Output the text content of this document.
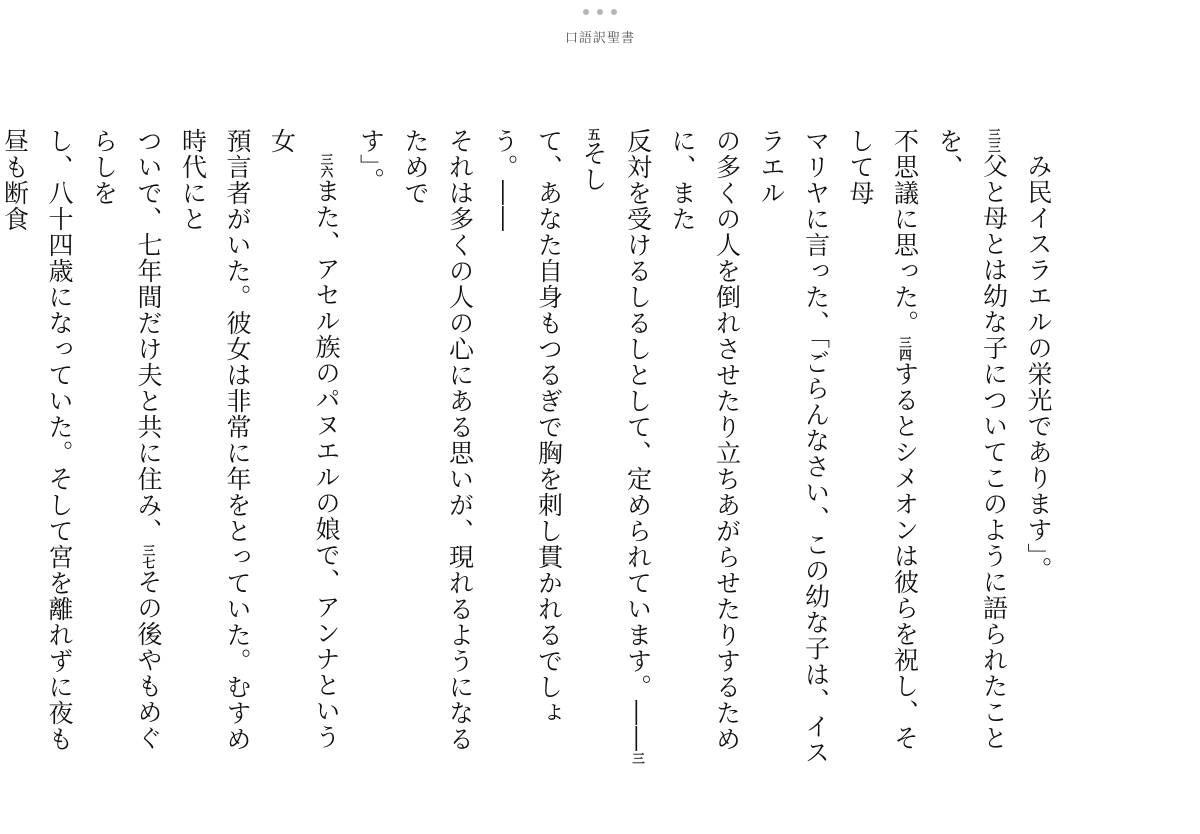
口語訳聖書

み民イスラエルの栄光であります」。

三三父と母とは幼な子についてこのように語られたことを、

不思議に思った。三四するとシメオンは彼らを祝し、そして母

マリヤに言った、「ごらんなさい、この幼な子は、イスラエル

の多くの人を倒れさせたり立ちあがらせたりするために、また

反対を受けるしるしとして、定められています。――三五そし

て、あなた自身もつるぎで胸を刺し貫かれるでしょう。――

それは多くの人の心にある思いが、現れるようになるためで

す」。

三六また、アセル族のパヌエルの娘で、アンナという女

預言者がいた。彼女は非常に年をとっていた。むすめ時代にと

ついで、七年間だけ夫と共に住み、三七その後やもめぐらしを

し、八十四歳になっていた。そして宮を離れずに夜も昼も断食
